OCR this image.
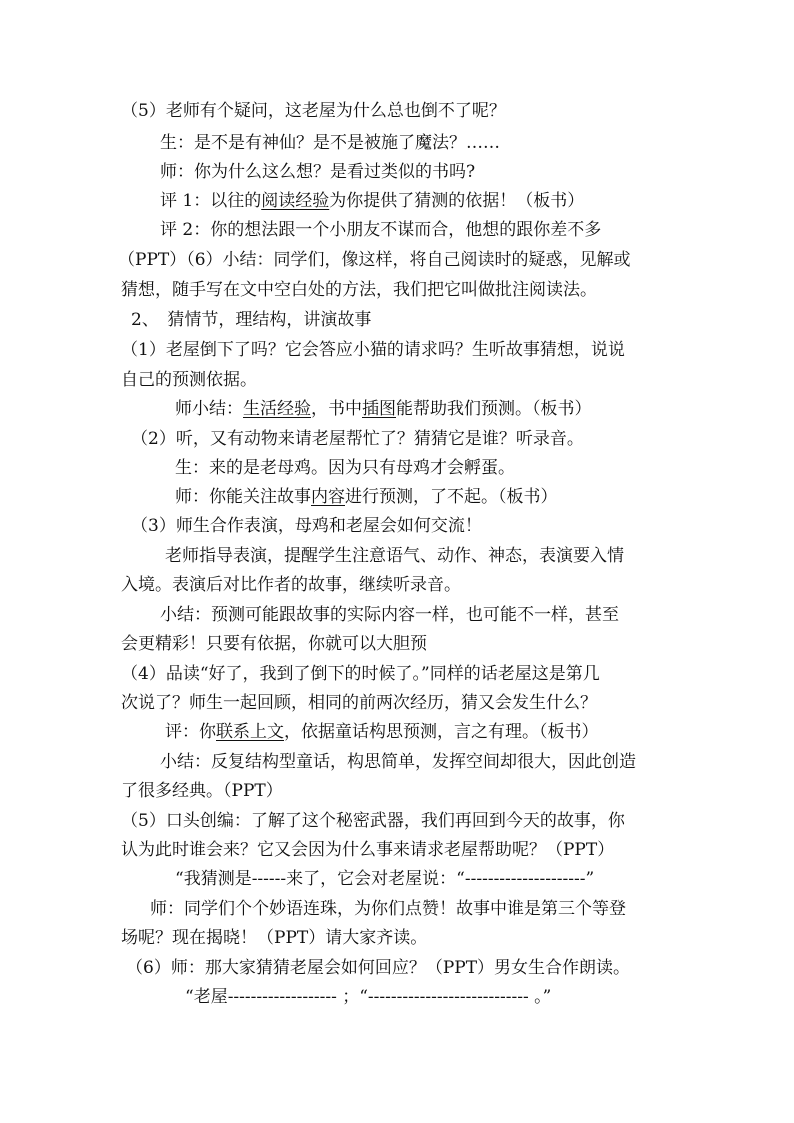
（5）老师有个疑问，这老屋为什么总也倒不了呢？
生：是不是有神仙？是不是被施了魔法？……
师：你为什么这么想？是看过类似的书吗?
评 1：以往的阅读经验为你提供了猜测的依据！（板书）
评 2：你的想法跟一个小朋友不谋而合，他想的跟你差不多
（PPT）（6）小结：同学们，像这样，将自己阅读时的疑惑，见解或
猜想，随手写在文中空白处的方法，我们把它叫做批注阅读法。
2、　猜情节，理结构，讲演故事
（1）老屋倒下了吗？它会答应小猫的请求吗？生听故事猜想，说说
自己的预测依据。
师小结：生活经验，书中插图能帮助我们预测。（板书）
（2）听，又有动物来请老屋帮忙了？猜猜它是谁？听录音。
生：来的是老母鸡。因为只有母鸡才会孵蛋。
师：你能关注故事内容进行预测，了不起。（板书）
（3）师生合作表演，母鸡和老屋会如何交流！
老师指导表演，提醒学生注意语气、动作、神态，表演要入情
入境。表演后对比作者的故事，继续听录音。
小结：预测可能跟故事的实际内容一样，也可能不一样，甚至
会更精彩！只要有依据，你就可以大胆预
（4）品读“好了，我到了倒下的时候了。”同样的话老屋这是第几
次说了？师生一起回顾，相同的前两次经历，猜又会发生什么？
评：你联系上文，依据童话构思预测，言之有理。（板书）
小结：反复结构型童话，构思简单，发挥空间却很大，因此创造
了很多经典。（PPT）
（5）口头创编：了解了这个秘密武器，我们再回到今天的故事，你
认为此时谁会来？它又会因为什么事来请求老屋帮助呢？（PPT）
“我猜测是------来了，它会对老屋说：“---------------------”
师：同学们个个妙语连珠，为你们点赞！故事中谁是第三个等登
场呢？现在揭晓！（PPT）请大家齐读。
（6）师：那大家猜猜老屋会如何回应？（PPT）男女生合作朗读。
“老屋------------------- ；“---------------------------- 。”
